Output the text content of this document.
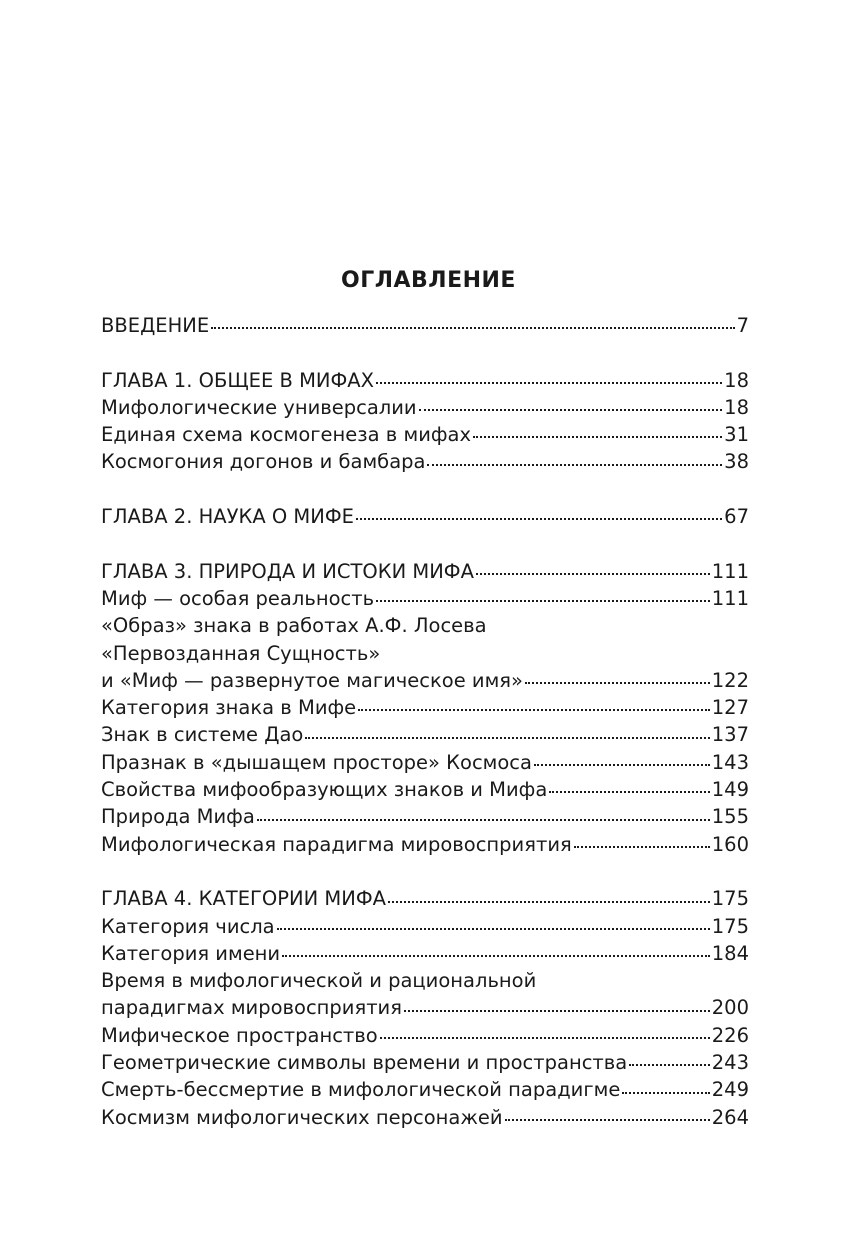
ОГЛАВЛЕНИЕ
ВВЕДЕНИЕ	7
ГЛАВА 1. ОБЩЕЕ В МИФАХ	18
Мифологические универсалии	18
Единая схема космогенеза в мифах	31
Космогония догонов и бамбара	38
ГЛАВА 2. НАУКА О МИФЕ	67
ГЛАВА 3. ПРИРОДА И ИСТОКИ МИФА	111
Миф — особая реальность	111
«Образ» знака в работах А.Ф. Лосева
«Первозданная Сущность»
и «Миф — развернутое магическое имя»	122
Категория знака в Мифе	127
Знак в системе Дао	137
Празнак в «дышащем просторе» Космоса	143
Свойства мифообразующих знаков и Мифа	149
Природа Мифа	155
Мифологическая парадигма мировосприятия	160
ГЛАВА 4. КАТЕГОРИИ МИФА	175
Категория числа	175
Категория имени	184
Время в мифологической и рациональной
парадигмах мировосприятия	200
Мифическое пространство	226
Геометрические символы времени и пространства	243
Смерть-бессмертие в мифологической парадигме	249
Космизм мифологических персонажей	264
